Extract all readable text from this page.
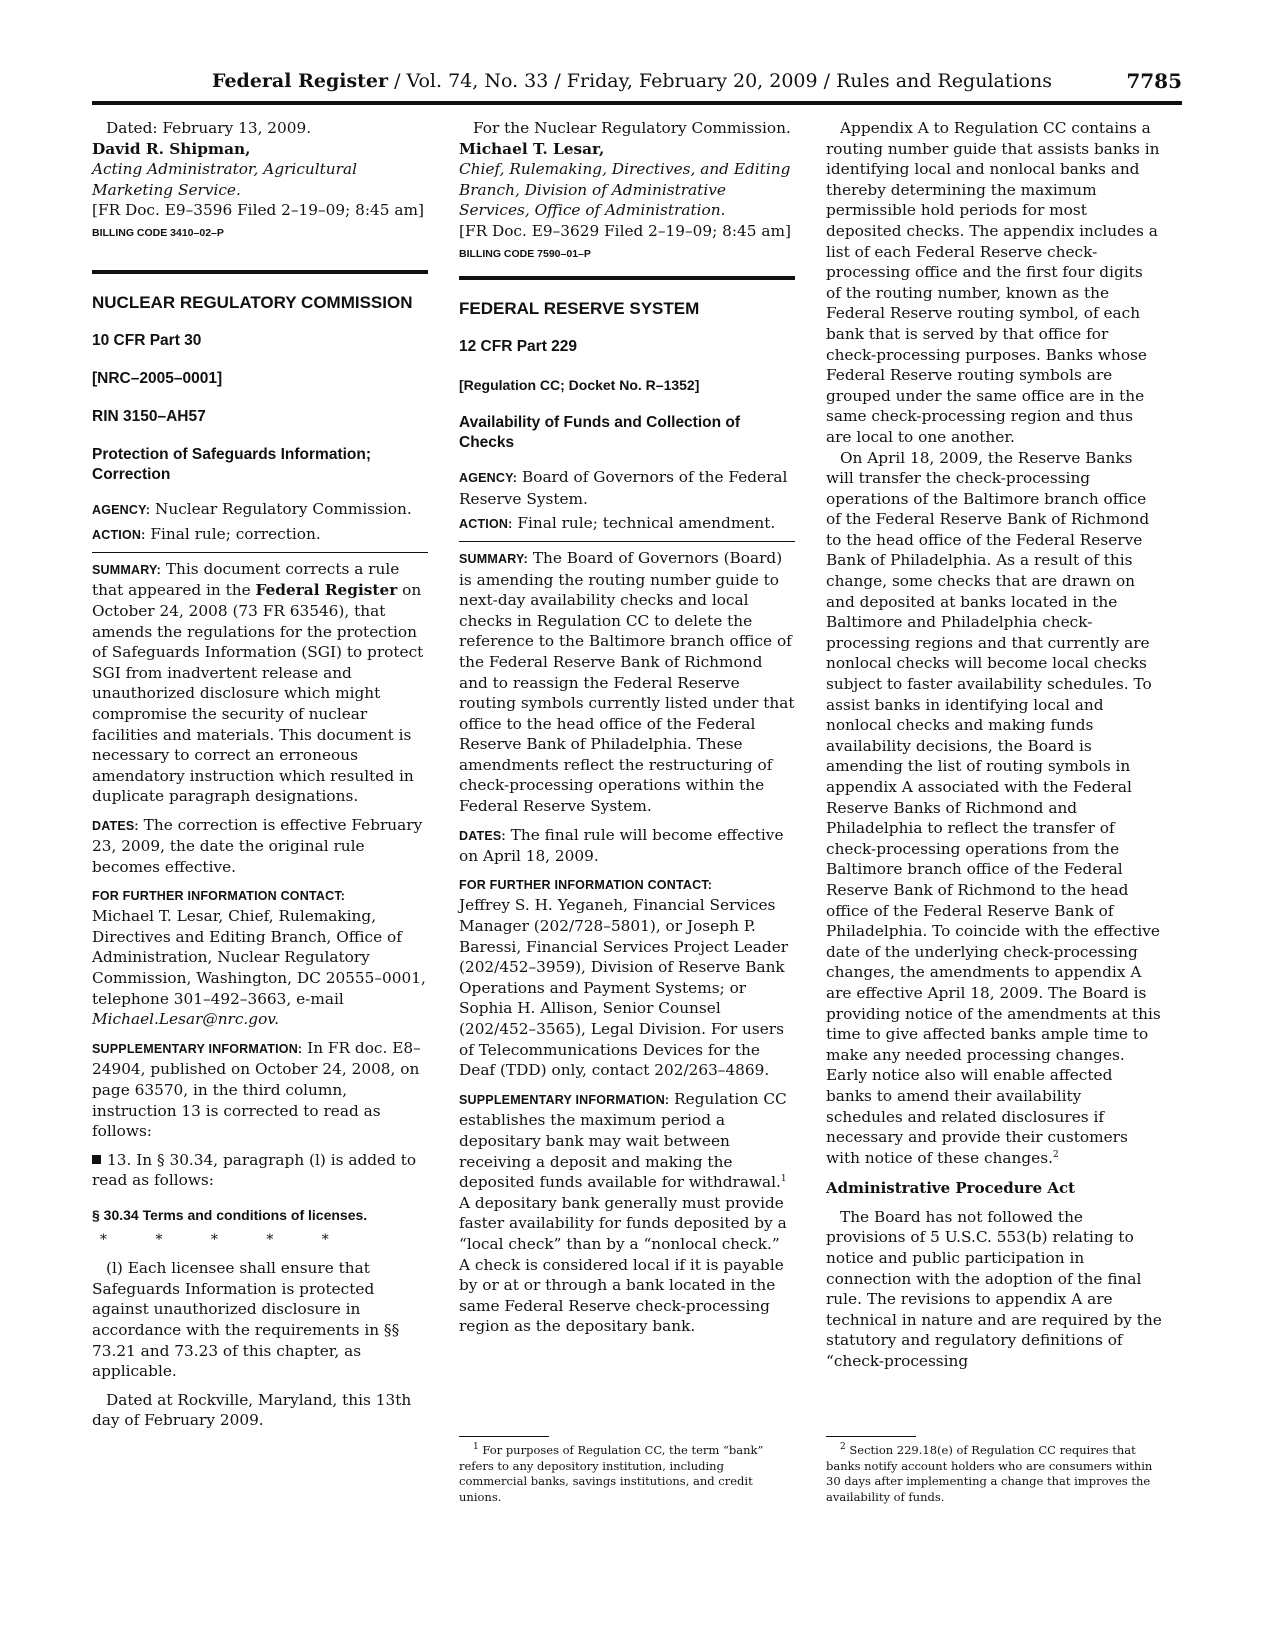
Federal Register / Vol. 74, No. 33 / Friday, February 20, 2009 / Rules and Regulations	7785

Dated: February 13, 2009.

David R. Shipman,

Acting Administrator, Agricultural Marketing Service.

[FR Doc. E9–3596 Filed 2–19–09; 8:45 am]

BILLING CODE 3410–02–P

NUCLEAR REGULATORY COMMISSION

10 CFR Part 30

[NRC–2005–0001]

RIN 3150–AH57

Protection of Safeguards Information; Correction

AGENCY: Nuclear Regulatory Commission.

ACTION: Final rule; correction.

SUMMARY: This document corrects a rule that appeared in the Federal Register on October 24, 2008 (73 FR 63546), that amends the regulations for the protection of Safeguards Information (SGI) to protect SGI from inadvertent release and unauthorized disclosure which might compromise the security of nuclear facilities and materials. This document is necessary to correct an erroneous amendatory instruction which resulted in duplicate paragraph designations.

DATES: The correction is effective February 23, 2009, the date the original rule becomes effective.

FOR FURTHER INFORMATION CONTACT:

Michael T. Lesar, Chief, Rulemaking, Directives and Editing Branch, Office of Administration, Nuclear Regulatory Commission, Washington, DC 20555–0001, telephone 301–492–3663, e-mail Michael.Lesar@nrc.gov.

SUPPLEMENTARY INFORMATION: In FR doc. E8–24904, published on October 24, 2008, on page 63570, in the third column, instruction 13 is corrected to read as follows:

13. In § 30.34, paragraph (l) is added to read as follows:

§ 30.34 Terms and conditions of licenses.

* * * * *

(l) Each licensee shall ensure that Safeguards Information is protected against unauthorized disclosure in accordance with the requirements in §§ 73.21 and 73.23 of this chapter, as applicable.

Dated at Rockville, Maryland, this 13th day of February 2009.

For the Nuclear Regulatory Commission.

Michael T. Lesar,

Chief, Rulemaking, Directives, and Editing Branch, Division of Administrative Services, Office of Administration.

[FR Doc. E9–3629 Filed 2–19–09; 8:45 am]

BILLING CODE 7590–01–P

FEDERAL RESERVE SYSTEM

12 CFR Part 229

[Regulation CC; Docket No. R–1352]

Availability of Funds and Collection of Checks

AGENCY: Board of Governors of the Federal Reserve System.

ACTION: Final rule; technical amendment.

SUMMARY: The Board of Governors (Board) is amending the routing number guide to next-day availability checks and local checks in Regulation CC to delete the reference to the Baltimore branch office of the Federal Reserve Bank of Richmond and to reassign the Federal Reserve routing symbols currently listed under that office to the head office of the Federal Reserve Bank of Philadelphia. These amendments reflect the restructuring of check-processing operations within the Federal Reserve System.

DATES: The final rule will become effective on April 18, 2009.

FOR FURTHER INFORMATION CONTACT:

Jeffrey S. H. Yeganeh, Financial Services Manager (202/728–5801), or Joseph P. Baressi, Financial Services Project Leader (202/452–3959), Division of Reserve Bank Operations and Payment Systems; or Sophia H. Allison, Senior Counsel (202/452–3565), Legal Division. For users of Telecommunications Devices for the Deaf (TDD) only, contact 202/263–4869.

SUPPLEMENTARY INFORMATION: Regulation CC establishes the maximum period a depositary bank may wait between receiving a deposit and making the deposited funds available for withdrawal.$^1$ A depositary bank generally must provide faster availability for funds deposited by a “local check” than by a “nonlocal check.” A check is considered local if it is payable by or at or through a bank located in the same Federal Reserve check-processing region as the depositary bank.

$^1$ For purposes of Regulation CC, the term “bank” refers to any depository institution, including commercial banks, savings institutions, and credit unions.

Appendix A to Regulation CC contains a routing number guide that assists banks in identifying local and nonlocal banks and thereby determining the maximum permissible hold periods for most deposited checks. The appendix includes a list of each Federal Reserve check-processing office and the first four digits of the routing number, known as the Federal Reserve routing symbol, of each bank that is served by that office for check-processing purposes. Banks whose Federal Reserve routing symbols are grouped under the same office are in the same check-processing region and thus are local to one another.

On April 18, 2009, the Reserve Banks will transfer the check-processing operations of the Baltimore branch office of the Federal Reserve Bank of Richmond to the head office of the Federal Reserve Bank of Philadelphia. As a result of this change, some checks that are drawn on and deposited at banks located in the Baltimore and Philadelphia check-processing regions and that currently are nonlocal checks will become local checks subject to faster availability schedules. To assist banks in identifying local and nonlocal checks and making funds availability decisions, the Board is amending the list of routing symbols in appendix A associated with the Federal Reserve Banks of Richmond and Philadelphia to reflect the transfer of check-processing operations from the Baltimore branch office of the Federal Reserve Bank of Richmond to the head office of the Federal Reserve Bank of Philadelphia. To coincide with the effective date of the underlying check-processing changes, the amendments to appendix A are effective April 18, 2009. The Board is providing notice of the amendments at this time to give affected banks ample time to make any needed processing changes. Early notice also will enable affected banks to amend their availability schedules and related disclosures if necessary and provide their customers with notice of these changes.$^2$

Administrative Procedure Act

The Board has not followed the provisions of 5 U.S.C. 553(b) relating to notice and public participation in connection with the adoption of the final rule. The revisions to appendix A are technical in nature and are required by the statutory and regulatory definitions of “check-processing

$^2$ Section 229.18(e) of Regulation CC requires that banks notify account holders who are consumers within 30 days after implementing a change that improves the availability of funds.
